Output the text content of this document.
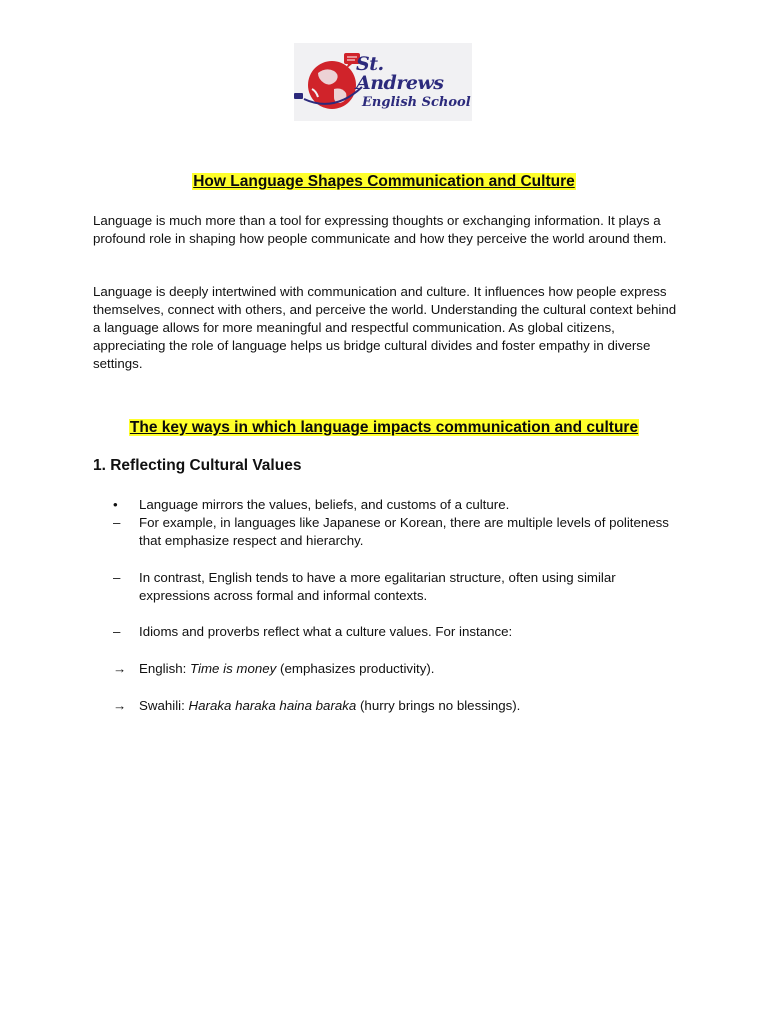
St. Andrews
English School
How Language Shapes Communication and Culture

Language is much more than a tool for expressing thoughts or exchanging information. It plays a profound role in shaping how people communicate and how they perceive the world around them.

Language is deeply intertwined with communication and culture. It influences how people express themselves, connect with others, and perceive the world. Understanding the cultural context behind a language allows for more meaningful and respectful communication. As global citizens, appreciating the role of language helps us bridge cultural divides and foster empathy in diverse settings.

The key ways in which language impacts communication and culture
1. Reflecting Cultural Values
•	Language mirrors the values, beliefs, and customs of a culture.
–	For example, in languages like Japanese or Korean, there are multiple levels of politeness that emphasize respect and hierarchy.
–	In contrast, English tends to have a more egalitarian structure, often using similar expressions across formal and informal contexts.
–	Idioms and proverbs reflect what a culture values. For instance:
→ English: Time is money (emphasizes productivity).
→ Swahili: Haraka haraka haina baraka (hurry brings no blessings).
